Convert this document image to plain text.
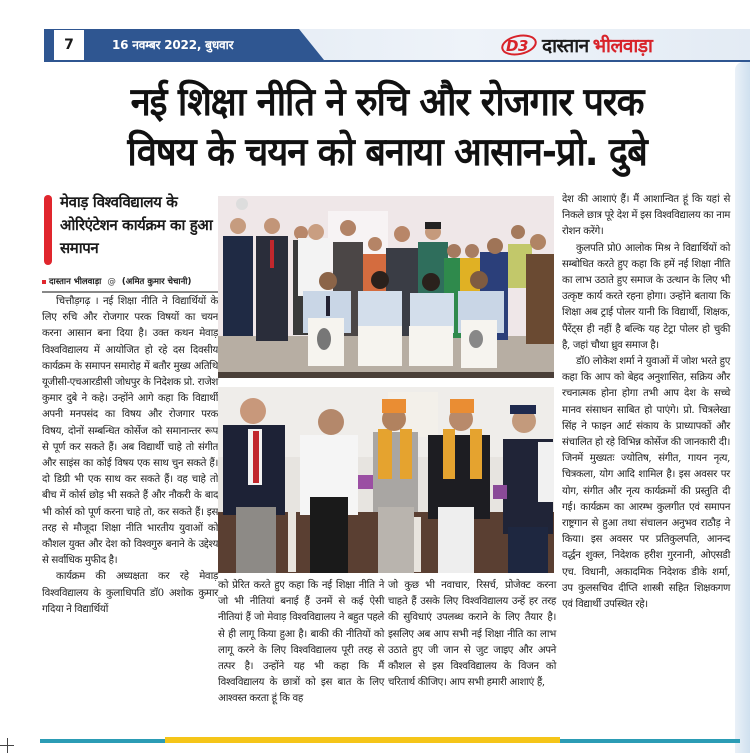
7	16 नवम्बर 2022, बुधवार	D 3 दास्तान भीलवाड़ा
नई शिक्षा नीति ने रुचि और रोजगार परक
विषय के चयन को बनाया आसान-प्रो. दुबे
मेवाड़ विश्वविद्यालय के ओरिएंटेशन कार्यक्रम का हुआ समापन
दास्तान भीलवाड़ा @ (अमित कुमार चेचानी)

चित्तौड़गढ़ । नई शिक्षा नीति ने विद्यार्थियों के लिए रुचि और रोजगार परक विषयों का चयन करना आसान बना दिया है। उक्त कथन मेवाड़ विश्वविद्यालय में आयोजित हो रहे दस दिवसीय कार्यक्रम के समापन समारोह में बतौर मुख्य अतिथि यूजीसी-एचआरडीसी जोधपुर के निदेशक प्रो. राजेश कुमार दुबे ने कहे। उन्होंने आगे कहा कि विद्यार्थी अपनी मनपसंद का विषय और रोजगार परक विषय, दोनों सम्बन्धित कोर्सेज को समानान्तर रूप से पूर्ण कर सकते हैं। अब विद्यार्थी चाहे तो संगीत और साइंस का कोई विषय एक साथ चुन सकते हैं। दो डिग्री भी एक साथ कर सकते हैं। वह चाहे तो बीच में कोर्स छोड़ भी सकते हैं और नौकरी के बाद भी कोर्स को पूर्ण करना चाहे तो, कर सकते हैं। इस तरह से मौजूदा शिक्षा नीति भारतीय युवाओं को कौशल युक्त और देश को विश्वगुरु बनाने के उद्देश्य से सर्वाधिक मुफीद है।

कार्यक्रम की अध्यक्षता कर रहे मेवाड़ विश्वविद्यालय के कुलाधिपति डॉ0 अशोक कुमार गदिया ने विद्यार्थियों

को प्रेरित करते हुए कहा कि नई शिक्षा नीति ने जो भी नीतियां बनाई हैं उनमें से कई ऐसी नीतियां हैं जो मेवाड़ विश्वविद्यालय ने बहुत पहले से ही लागू किया हुआ है। बाकी की नीतियों को लागू करने के लिए विश्वविद्यालय पूरी तरह से तत्पर है। उन्होंने यह भी कहा कि मैं विश्वविद्यालय के छात्रों को इस बात के लिए आश्वस्त करता हूं कि वह

जो कुछ भी नवाचार, रिसर्च, प्रोजेक्ट करना चाहते हैं उसके लिए विश्वविद्यालय उन्हें हर तरह की सुविधाएं उपलब्ध कराने के लिए तैयार है। इसलिए अब आप सभी नई शिक्षा नीति का लाभ उठाते हुए जी जान से जुट जाइए और अपने कौशल से इस विश्वविद्यालय के विजन को चरितार्थ कीजिए। आप सभी हमारी आशाएं हैं,

देश की आशाएं हैं। मैं आशान्वित हूं कि यहां से निकले छात्र पूरे देश में इस विश्वविद्यालय का नाम रोशन करेंगे।

कुलपति प्रो0 आलोक मिश्र ने विद्यार्थियों को सम्बोधित करते हुए कहा कि हमें नई शिक्षा नीति का लाभ उठाते हुए समाज के उत्थान के लिए भी उत्कृष्ट कार्य करते रहना होगा। उन्होंने बताया कि शिक्षा अब ट्राई पोलर यानी कि विद्यार्थी, शिक्षक, पैरेंट्स ही नहीं है बल्कि यह टेट्रा पोलर हो चुकी है, जहां चौथा ध्रुव समाज है।

डॉ0 लोकेश शर्मा ने युवाओं में जोश भरते हुए कहा कि आप को बेहद अनुशासित, सक्रिय और रचनात्मक होना होगा तभी आप देश के सच्चे मानव संसाधन साबित हो पाएंगे। प्रो. चित्रलेखा सिंह ने फाइन आर्ट संकाय के प्राध्यापकों और संचालित हो रहे विभिन्न कोर्सेज की जानकारी दी। जिनमें मुख्यतः ज्योतिष, संगीत, गायन नृत्य, चित्रकला, योग आदि शामिल है। इस अवसर पर योग, संगीत और नृत्य कार्यक्रमों की प्रस्तुति दी गई। कार्यक्रम का आरम्भ कुलगीत एवं समापन राष्ट्रगान से हुआ तथा संचालन अनुभव राठौड़ ने किया। इस अवसर पर प्रतिकुलपति, आनन्द वर्द्धन शुक्ल, निदेशक हरीश गुरनानी, ओएसडी एच. विधानी, अकादमिक निदेशक डीके शर्मा, उप कुलसचिव दीप्ति शास्त्री सहित शिक्षकगण एवं विद्यार्थी उपस्थित रहे।
